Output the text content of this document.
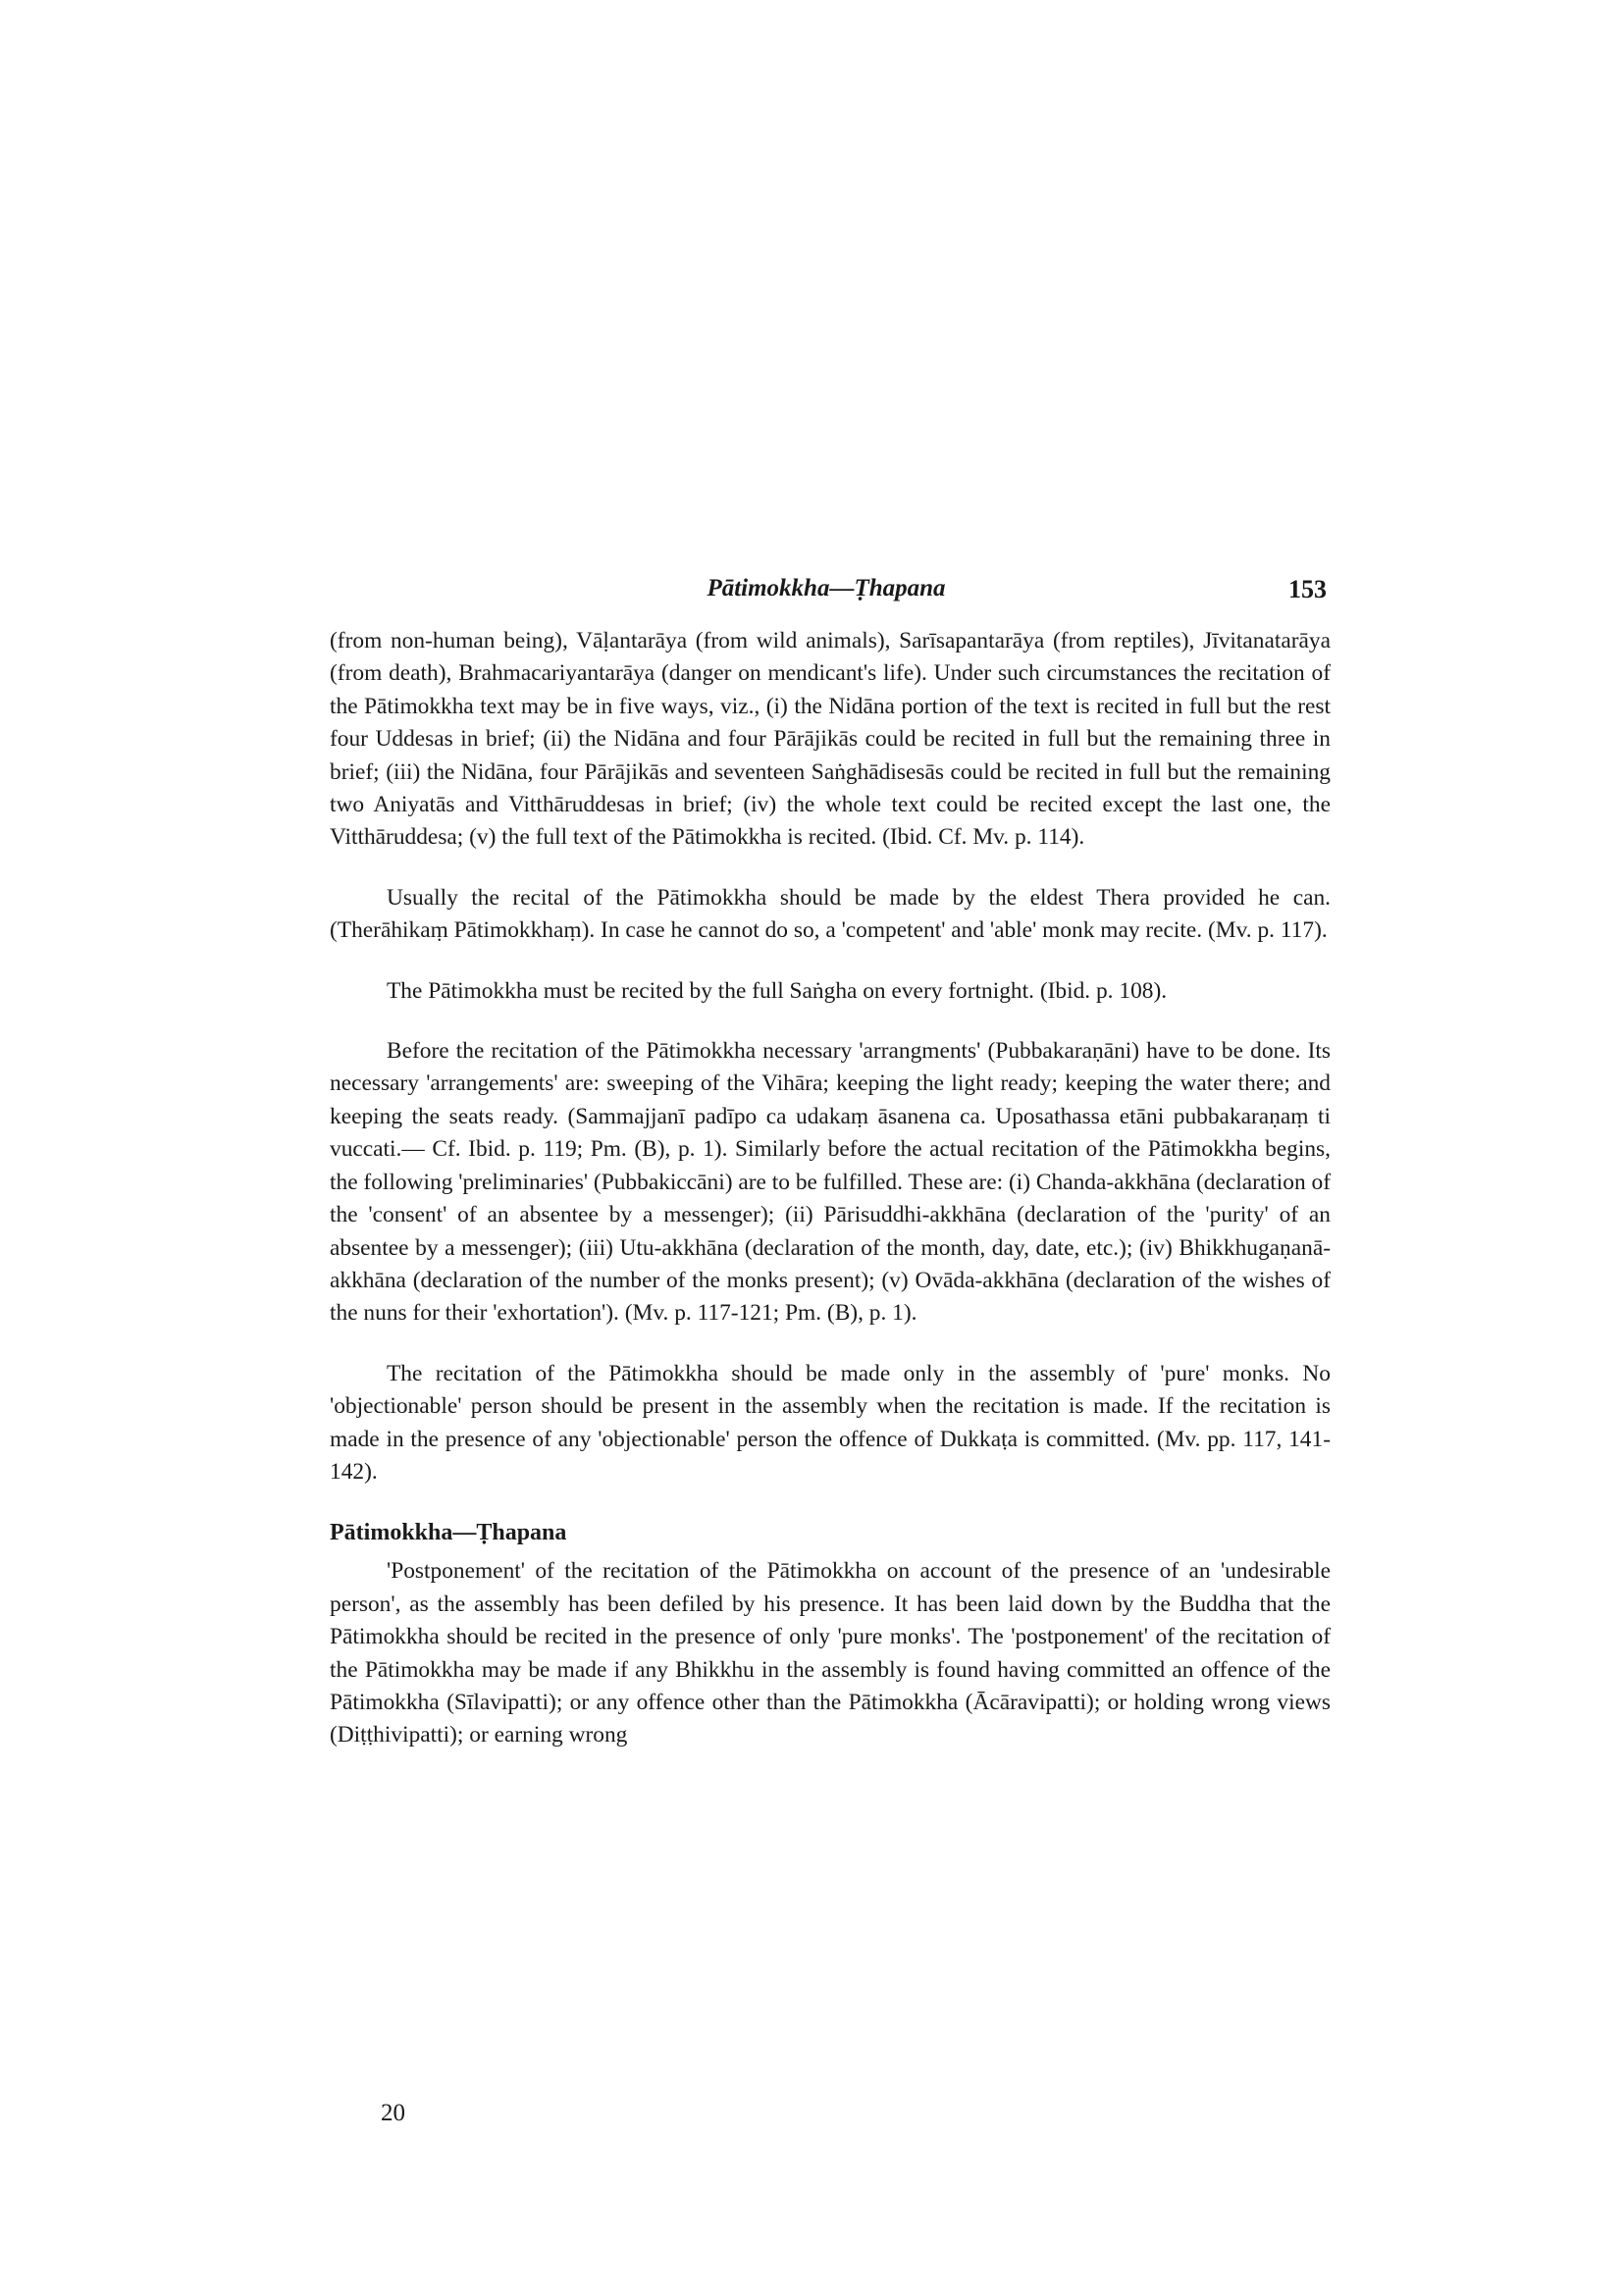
Pātimokkha—Ṭhapana	153

(from non-human being), Vāḷantarāya (from wild animals), Sarīsapantarāya (from reptiles), Jīvitanatarāya (from death), Brahmacariyantarāya (danger on mendicant's life). Under such circumstances the recitation of the Pātimokkha text may be in five ways, viz., (i) the Nidāna portion of the text is recited in full but the rest four Uddesas in brief; (ii) the Nidāna and four Pārājikās could be recited in full but the remaining three in brief; (iii) the Nidāna, four Pārājikās and seventeen Saṅghādisesās could be recited in full but the remaining two Aniyatās and Vitthāruddesas in brief; (iv) the whole text could be recited except the last one, the Vitthāruddesa; (v) the full text of the Pātimokkha is recited. (Ibid. Cf. Mv. p. 114).

Usually the recital of the Pātimokkha should be made by the eldest Thera provided he can. (Therāhikaṃ Pātimokkhaṃ). In case he cannot do so, a 'competent' and 'able' monk may recite. (Mv. p. 117).

The Pātimokkha must be recited by the full Saṅgha on every fortnight. (Ibid. p. 108).

Before the recitation of the Pātimokkha necessary 'arrangments' (Pubbakaraṇāni) have to be done. Its necessary 'arrangements' are: sweeping of the Vihāra; keeping the light ready; keeping the water there; and keeping the seats ready. (Sammajjanī padīpo ca udakaṃ āsanena ca. Uposathassa etāni pubbakaraṇaṃ ti vuccati.— Cf. Ibid. p. 119; Pm. (B), p. 1). Similarly before the actual recitation of the Pātimokkha begins, the following 'preliminaries' (Pubbakiccāni) are to be fulfilled. These are: (i) Chanda-akkhāna (declaration of the 'consent' of an absentee by a messenger); (ii) Pārisuddhi-akkhāna (declaration of the 'purity' of an absentee by a messenger); (iii) Utu-akkhāna (declaration of the month, day, date, etc.); (iv) Bhikkhugaṇanā-akkhāna (declaration of the number of the monks present); (v) Ovāda-akkhāna (declaration of the wishes of the nuns for their 'exhortation'). (Mv. p. 117-121; Pm. (B), p. 1).

The recitation of the Pātimokkha should be made only in the assembly of 'pure' monks. No 'objectionable' person should be present in the assembly when the recitation is made. If the recitation is made in the presence of any 'objectionable' person the offence of Dukkaṭa is committed. (Mv. pp. 117, 141-142).

Pātimokkha—Ṭhapana

'Postponement' of the recitation of the Pātimokkha on account of the presence of an 'undesirable person', as the assembly has been defiled by his presence. It has been laid down by the Buddha that the Pātimokkha should be recited in the presence of only 'pure monks'. The 'postponement' of the recitation of the Pātimokkha may be made if any Bhikkhu in the assembly is found having committed an offence of the Pātimokkha (Sīlavipatti); or any offence other than the Pātimokkha (Ācāravipatti); or holding wrong views (Diṭṭhivipatti); or earning wrong

20
